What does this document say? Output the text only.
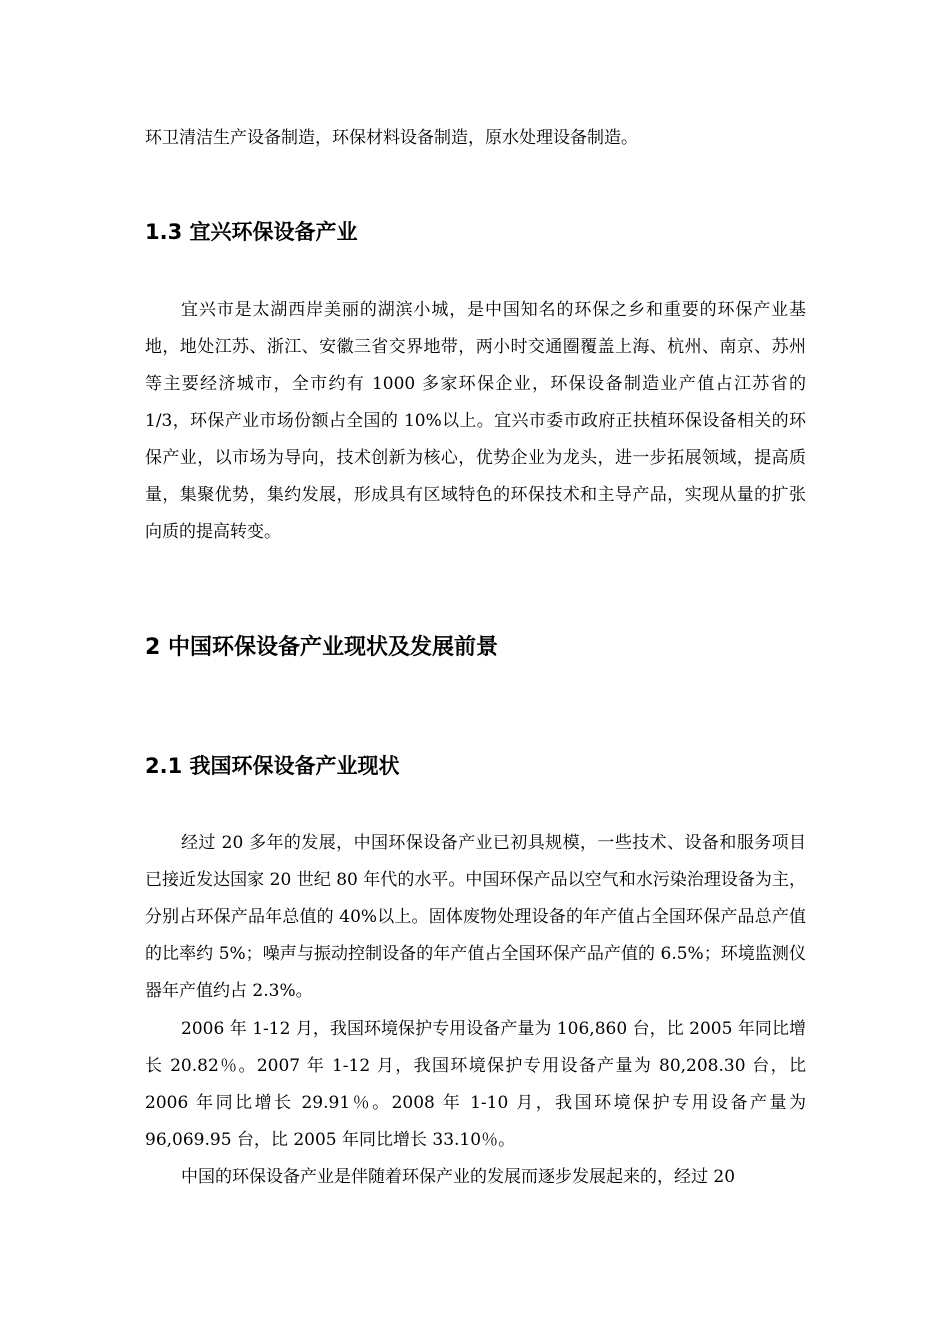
环卫清洁生产设备制造，环保材料设备制造，原水处理设备制造。
1.3 宜兴环保设备产业
宜兴市是太湖西岸美丽的湖滨小城，是中国知名的环保之乡和重要的环保产业基地，地处江苏、浙江、安徽三省交界地带，两小时交通圈覆盖上海、杭州、南京、苏州等主要经济城市，全市约有 1000 多家环保企业，环保设备制造业产值占江苏省的 1/3，环保产业市场份额占全国的 10%以上。宜兴市委市政府正扶植环保设备相关的环保产业，以市场为导向，技术创新为核心，优势企业为龙头，进一步拓展领域，提高质量，集聚优势，集约发展，形成具有区域特色的环保技术和主导产品，实现从量的扩张向质的提高转变。
2 中国环保设备产业现状及发展前景
2.1 我国环保设备产业现状
经过 20 多年的发展，中国环保设备产业已初具规模，一些技术、设备和服务项目已接近发达国家 20 世纪 80 年代的水平。中国环保产品以空气和水污染治理设备为主，分别占环保产品年总值的 40%以上。固体废物处理设备的年产值占全国环保产品总产值的比率约 5%；噪声与振动控制设备的年产值占全国环保产品产值的 6.5%；环境监测仪器年产值约占 2.3%。
2006 年 1-12 月，我国环境保护专用设备产量为 106,860 台，比 2005 年同比增长 20.82％。2007 年 1-12 月，我国环境保护专用设备产量为 80,208.30 台，比 2006 年同比增长 29.91％。2008 年 1-10 月，我国环境保护专用设备产量为 96,069.95 台，比 2005 年同比增长 33.10％。
中国的环保设备产业是伴随着环保产业的发展而逐步发展起来的，经过 20
